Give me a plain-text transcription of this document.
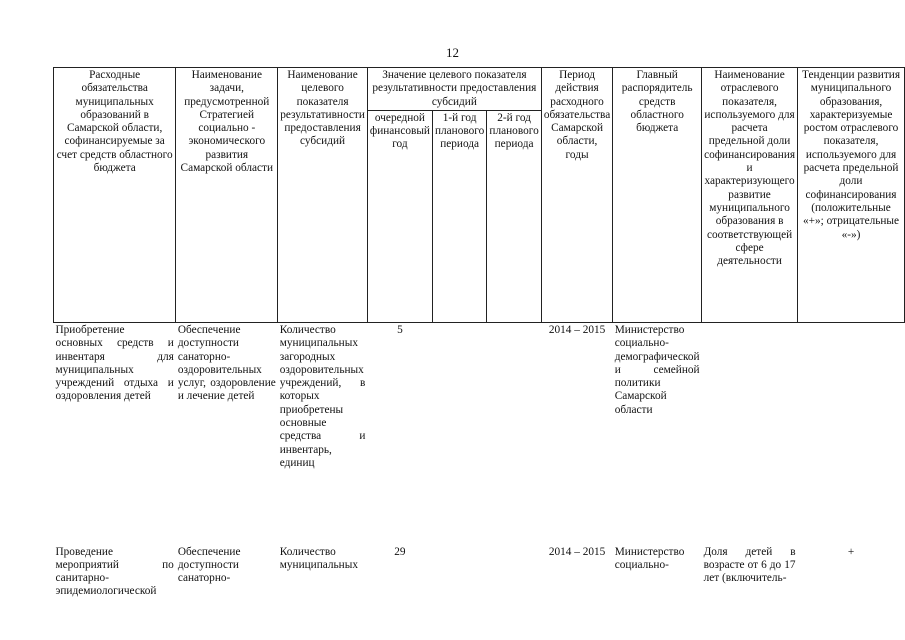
12
Расходные обязательства муниципальных образований в Самарской области, софинансируемые за счет средств областного бюджета	Наименование задачи, предусмотренной Стратегией социально - экономического развития Самарской области	Наименование целевого показателя результативности предоставления субсидий	Значение целевого показателя результативности предоставления субсидий			Период действия расходного обязательства Самарской области, годы	Главный распорядитель средств областного бюджета	Наименование отраслевого показателя, используемого для расчета предельной доли софинансирования и характеризующего развитие муниципального образования в соответствующей сфере деятельности	Тенденции развития муниципального образования, характеризуемые ростом отраслевого показателя, используемого для расчета предельной доли софинансирования (положительные «+»; отрицательные «-»)
			очередной финансовый год	1-й год планового периода	2-й год планового периода				
Приобретение основных средств и инвентаря для муниципальных учреждений отдыха и оздоровления детей	Обеспечение доступности санаторно-оздоровительных услуг, оздоровление и лечение детей	Количество муниципальных загородных оздоровительных учреждений, в которых приобретены основные средства и инвентарь, единиц	5			2014 – 2015	Министерство социально-демографической и семейной политики Самарской области		
Проведение мероприятий по санитарно-эпидемиологической	Обеспечение доступности санаторно-	Количество муниципальных	29			2014 – 2015	Министерство социально-	Доля детей в возрасте от 6 до 17 лет (включитель-	+
